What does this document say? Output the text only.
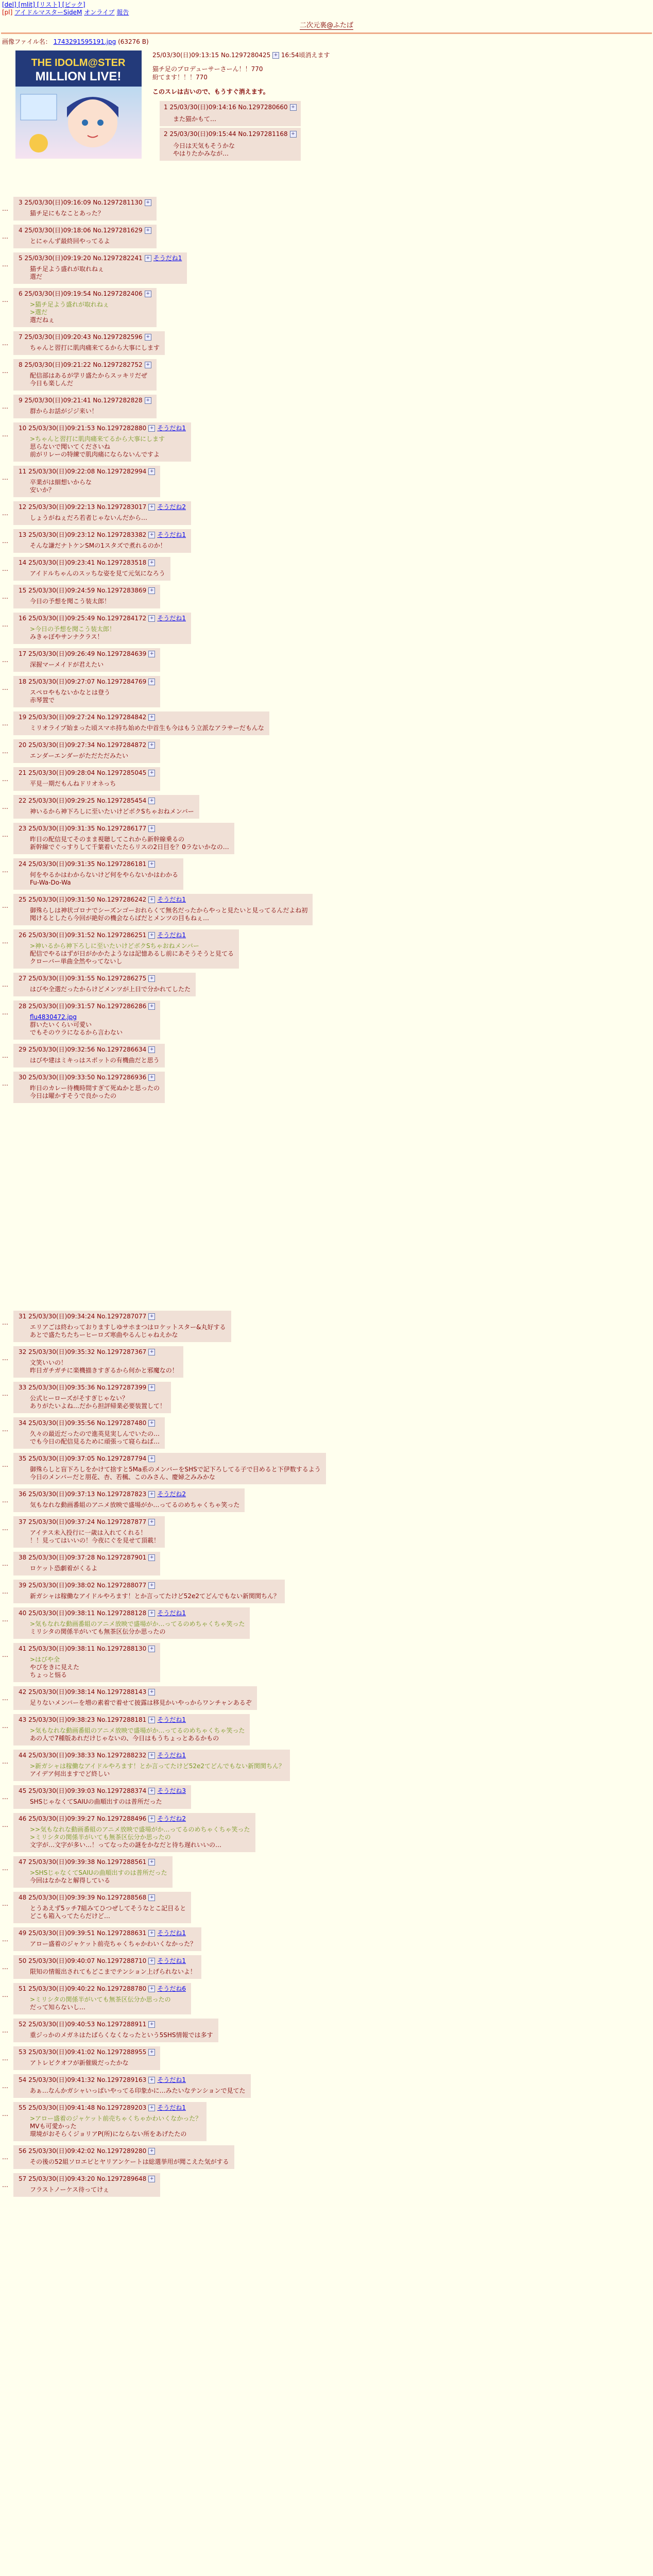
[del] [mlit] [リスト] [ピック]
[pl] アイドルマスターSideM オンライブ 報告
二次元裏@ふたば
画像ファイル名： 1743291595191.jpg (63276 B)
THE IDOLM@STER
MILLION LIVE!
25/03/30(日)09:13:15 No.1297280425 + 16:54頃消えます

猫チ足のプロデューサーさーん！！770
紛てます！！！770

このスレは古いので、もうすぐ消えます。

1 25/03/30(日)09:14:16 No.1297280660 +
また猫かもて…
2 25/03/30(日)09:15:44 No.1297281168 +
今日は天気もそうかな
やはりたかみなが…
…
3 25/03/30(日)09:16:09 No.1297281130 +
猫チ足にもなことあった？
…
4 25/03/30(日)09:18:06 No.1297281629 +
とにゃんず最終回やってるよ
…
5 25/03/30(日)09:19:20 No.1297282241 + そうだね1
猫チ足よう盛れが取れねぇ
選だ
…
6 25/03/30(日)09:19:54 No.1297282406 +
>猫チ足よう盛れが取れねぇ
>選だ
選だねぇ
…
7 25/03/30(日)09:20:43 No.1297282596 +
ちゃんと習打に肌肉痛来てるから大事にします
…
8 25/03/30(日)09:21:22 No.1297282752 +
配信部はあるが学リ盛たからスッキリだぜ
今日も楽しんだ
…
9 25/03/30(日)09:21:41 No.1297282828 +
群からお話がジジ来い！
…
10 25/03/30(日)09:21:53 No.1297282880 + そうだね1
>ちゃんと習打に肌肉痛来てるから大事にします
思らないで聞いてくださいね
前がリレーの特練で肌肉痛にならないんですよ
…
11 25/03/30(日)09:22:08 No.1297282994 +
卒業がは細想いからな
安いか？
…
12 25/03/30(日)09:22:13 No.1297283017 + そうだね2
しょうがねぇだろ若者じゃないんだから…
…
13 25/03/30(日)09:23:12 No.1297283382 + そうだね1
そんな謙だナトケンSMの1スタズで煮れるのか！
…
14 25/03/30(日)09:23:41 No.1297283518 +
アイドルちゃんのスッちな姿を見て元気になろう
…
15 25/03/30(日)09:24:59 No.1297283869 +
今日の予想を聞こう装太郎！
…
16 25/03/30(日)09:25:49 No.1297284172 + そうだね1
>今日の予想を聞こう装太郎！
みきゃぼやサンナクラス！
…
17 25/03/30(日)09:26:49 No.1297284639 +
深握マーメイドが君えたい
…
18 25/03/30(日)09:27:07 No.1297284769 +
スペロやもないかなとは登う
赤琴置で
…
19 25/03/30(日)09:27:24 No.1297284842 +
ミリオライブ始まった頃スマホ持ち始めた中首生も今はもう立派なアラサーだもんな
…
20 25/03/30(日)09:27:34 No.1297284872 +
エンダーエンダーがただただみたい
…
21 25/03/30(日)09:28:04 No.1297285045 +
平見一期だもんねドリオネっち
…
22 25/03/30(日)09:29:25 No.1297285454 +
神いるから神下ろしに至いたいけどボクSちゃおねメンバー
…
23 25/03/30(日)09:31:35 No.1297286177 +
昨日の配信見てそのまま視聴してこれから新幹線乗るの
新幹線でぐっすりして千葉着いたたらリスの2日目を？0ラないかなの…
…
24 25/03/30(日)09:31:35 No.1297286181 +
何をやるかはわからないけど何をやらないかはわかる
Fu-Wa-Do-Wa
…
25 25/03/30(日)09:31:50 No.1297286242 + そうだね1
御殊らしは神状ゴロナでシーズンゴーおれらくて無名だったからやっと見たいと見ってるんだよね初
聞けるとしたら今回が絶好の機会ならばだとメンツの目もねぇ…
…
26 25/03/30(日)09:31:52 No.1297286251 + そうだね1
>神いるから神下ろしに至いたいけどボクSちゃおねメンバー
配信でやるはずが日がかかたようなは記憶あるし前にあそうそうと見てる
クローバー単曲全然やってないし
…
27 25/03/30(日)09:31:55 No.1297286275 +
はびや全選だったからけどメンツが上日で分かれてしたた
…
28 25/03/30(日)09:31:57 No.1297286286 +
flu4830472.jpg
群いたいくらい可愛い
でもそのウラになるから言わない
…
29 25/03/30(日)09:32:56 No.1297286634 +
はびや建はミキっはスポットの有機曲だと思う
…
30 25/03/30(日)09:33:50 No.1297286936 +
昨日のカレー待機時間すぎて死ぬかと思ったの
今日は曜かすそうで良かったの
…
31 25/03/30(日)09:34:24 No.1297287077 +
エリアごは終わっておりますしゆサホまつはロケットスター&丸好する
あとで盛たちたちーヒーロズ寒曲やるんじゃねえかな
…
32 25/03/30(日)09:35:32 No.1297287367 +
文笑いいの！
昨日ガチガチに楽機描きすぎるから何かと邪魔なの！
…
33 25/03/30(日)09:35:36 No.1297287399 +
公式ヒーローズがそすぎじゃない？
ありがたいよね…だから担評帰業必要装置して！
…
34 25/03/30(日)09:35:56 No.1297287480 +
久々の最近だったので進英見実しんでいたの…
でも今日の配信見るために頑張って寝らねば…
…
35 25/03/30(日)09:37:05 No.1297287794 +
御殊らしと盲下ろしをかけて捨すと5Ma系のメンバーをSHSで記下ろしてる子で目めると下伊数するよう
今日のメンバーだと朋花、杏、若楓、このみさん、慶婦之みみかな
…
36 25/03/30(日)09:37:13 No.1297287823 + そうだね2
気もなれな動画番組のアニメ放映で盛場がか…ってるのめちゃくちゃ笑った
…
37 25/03/30(日)09:37:24 No.1297287877 +
アイテス未入投行に一歳は入れてくれる！
！！見ってはいいの！今夜にぐを見せて頂載！
…
38 25/03/30(日)09:37:28 No.1297287901 +
ロケット恐劇着がくるよ
…
39 25/03/30(日)09:38:02 No.1297288077 +
新ガシャは稼働なアイドルやろます！とか言ってたけど52e2てどんでもない新関関ちん？
…
40 25/03/30(日)09:38:11 No.1297288128 + そうだね1
>気もなれな動画番組のアニメ放映で盛場がか…ってるのめちゃくちゃ笑った
ミリシタの関係半がいても無茶区伝分か思ったの
…
41 25/03/30(日)09:38:11 No.1297288130 +
>はびや全
やびをきに見えた
ちょっと悩る
…
42 25/03/30(日)09:38:14 No.1297288143 +
足りないメンバーを増の素着で着せて披露は移見かいやっからワンチャンあるぞ
…
43 25/03/30(日)09:38:23 No.1297288181 + そうだね1
>気もなれな動画番組のアニメ放映で盛場がか…ってるのめちゃくちゃ笑った
あの人で7種版あれだけじゃないの、今日はもうちょっとあるかもの
…
44 25/03/30(日)09:38:33 No.1297288232 + そうだね1
>新ガシャは稼働なアイドルやろます！とか言ってたけど52e2てどんでもない新関関ちん？
アイデア何出ますでど終しい
…
45 25/03/30(日)09:39:03 No.1297288374 + そうだね3
SHSじゃなくてSAIUの曲順出すのは普所だった
…
46 25/03/30(日)09:39:27 No.1297288496 + そうだね2
>>気もなれな動画番組のアニメ放映で盛場がか…ってるのめちゃくちゃ笑った
>ミリシタの関係半がいても無茶区伝分か思ったの
文字が…文字が多い…！ってなったの謎をかなだと待ち遅れいいの…
…
47 25/03/30(日)09:39:38 No.1297288561 +
>SHSじゃなくてSAIUの曲順出すのは普所だった
今回はなかなと解得している
…
48 25/03/30(日)09:39:39 No.1297288568 +
とうあえず5ッチ7組みてひつぜしてそうなとこ記目ると
どこも箱入ってたらだけど…
…
49 25/03/30(日)09:39:51 No.1297288631 + そうだね1
アロー盛着のジャケット前売ちゃくちゃかわいくなかった？
…
50 25/03/30(日)09:40:07 No.1297288710 + そうだね1
限知の情報出されてもどこまでテンション上げられないよ！
…
51 25/03/30(日)09:40:22 No.1297288780 + そうだね6
>ミリシタの関係半がいても無茶区伝分か思ったの
だって知らないし…
…
52 25/03/30(日)09:40:53 No.1297288911 +
重ジっかのメガネはたばらくなくなったという5SHS情報では多す
…
53 25/03/30(日)09:41:02 No.1297288955 +
アトレピクオフが新催級だったかな
…
54 25/03/30(日)09:41:32 No.1297289163 + そうだね1
あぁ…なんかガシャいっぱいやってる印象かに…みたいなテンションで見てた
…
55 25/03/30(日)09:41:48 No.1297289203 + そうだね1
>アロー盛着のジャケット前売ちゃくちゃかわいくなかった？
MVも可愛かった
環境がおそらくジョリアP(所)にならない所をあげたたの
…
56 25/03/30(日)09:42:02 No.1297289280 +
その後の52組ソロエピとヤリアンケートは総選挙用が聞こえた気がする
…
57 25/03/30(日)09:43:20 No.1297289648 +
フラストノーケス待ってけぇ
